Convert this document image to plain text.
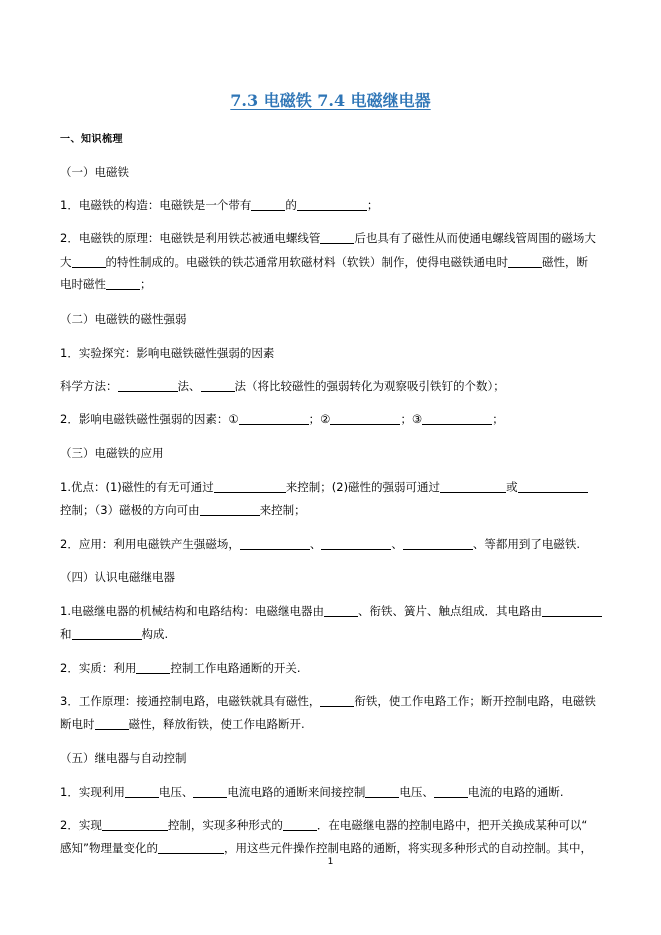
7.3 电磁铁 7.4 电磁继电器
一、知识梳理
（一）电磁铁
1．电磁铁的构造：电磁铁是一个带有	的	；
2．电磁铁的原理：电磁铁是利用铁芯被通电螺线管	后也具有了磁性从而使通电螺线管周围的磁场大
大	的特性制成的。电磁铁的铁芯通常用软磁材料（软铁）制作，使得电磁铁通电时	磁性，断
电时磁性	；
（二）电磁铁的磁性强弱
1．实验探究：影响电磁铁磁性强弱的因素
科学方法：	法、	法（将比较磁性的强弱转化为观察吸引铁钉的个数）；
2．影响电磁铁磁性强弱的因素：①	；②	；③	；
（三）电磁铁的应用
1.优点：(1)磁性的有无可通过	来控制；(2)磁性的强弱可通过	或
控制；（3）磁极的方向可由	来控制；
2．应用：利用电磁铁产生强磁场，	、	、	、等都用到了电磁铁.
（四）认识电磁继电器
1.电磁继电器的机械结构和电路结构：电磁继电器由	、衔铁、簧片、触点组成．其电路由
和	构成.
2．实质：利用	控制工作电路通断的开关.
3．工作原理：接通控制电路，电磁铁就具有磁性，	衔铁，使工作电路工作；断开控制电路，电磁铁
断电时	磁性，释放衔铁，使工作电路断开.
（五）继电器与自动控制
1．实现利用	电压、	电流电路的通断来间接控制	电压、	电流的电路的通断.
2．实现	控制，实现多种形式的	．在电磁继电器的控制电路中，把开关换成某种可以“
感知”物理量变化的	，用这些元件操作控制电路的通断，将实现多种形式的自动控制。其中，
1
